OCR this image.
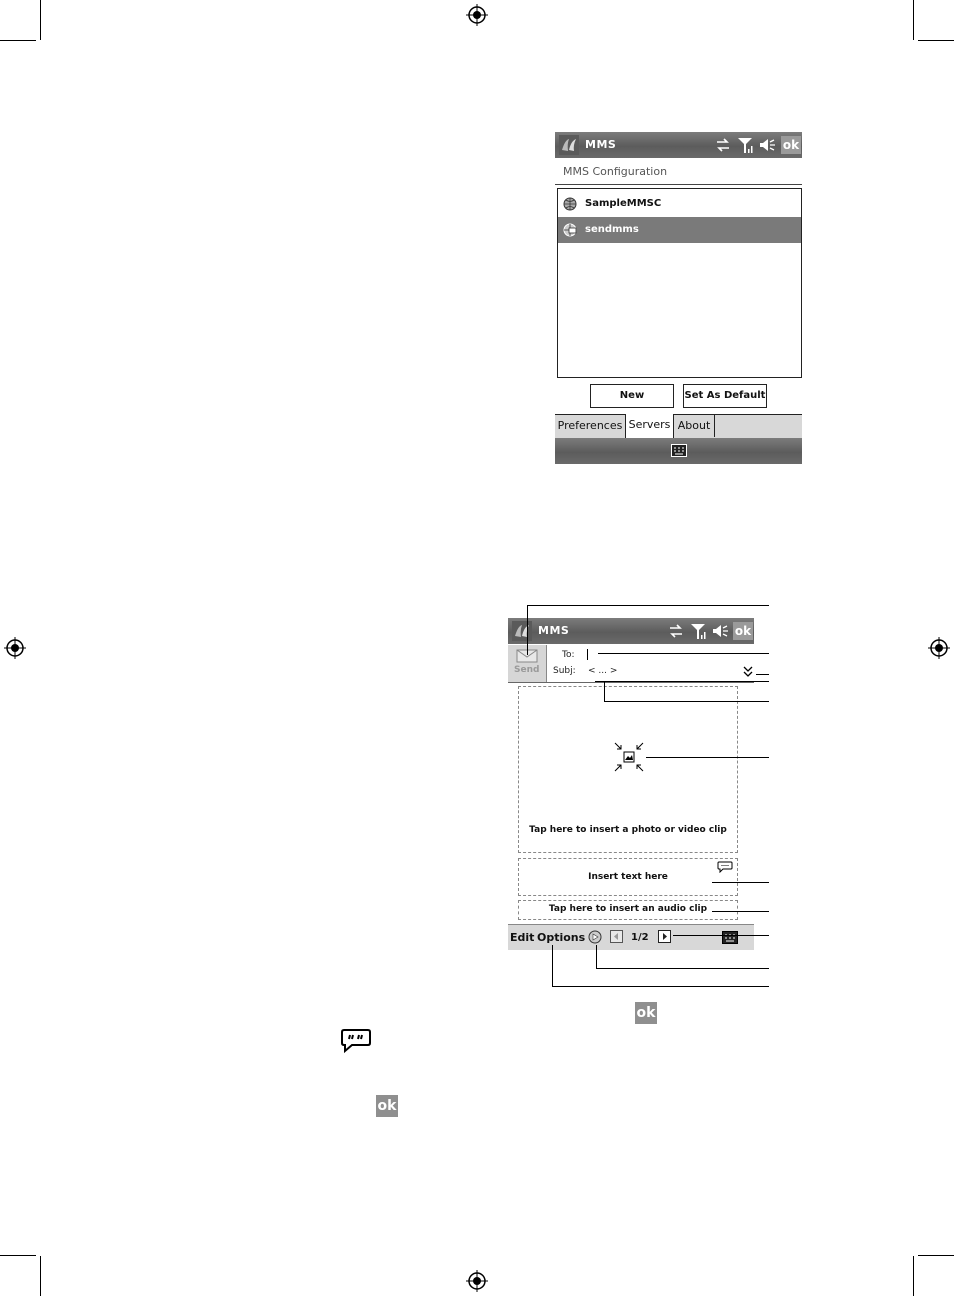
MMS	ok
MMS Configuration
SampleMMSC
sendmms
New	Set As Default
Preferences Servers About
MMS	ok
Send
To:
Subj: < ... >
Tap here to insert a photo or video clip
Insert text here
Tap here to insert an audio clip
Edit Options	1/2
ok
ok
